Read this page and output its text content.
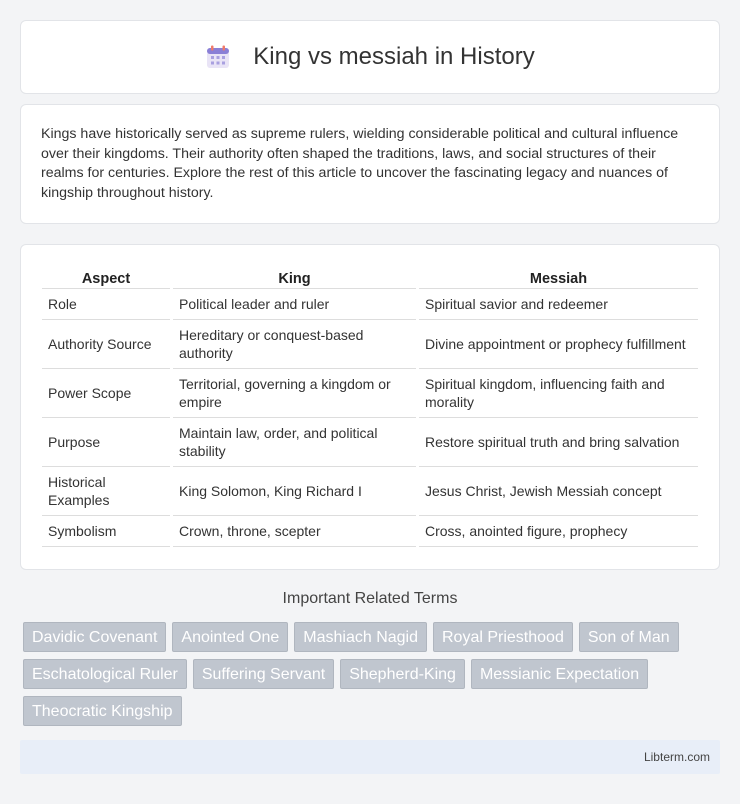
King vs messiah in History

Kings have historically served as supreme rulers, wielding considerable political and cultural influence over their kingdoms. Their authority often shaped the traditions, laws, and social structures of their realms for centuries. Explore the rest of this article to uncover the fascinating legacy and nuances of kingship throughout history.

Aspect	King	Messiah
Role	Political leader and ruler	Spiritual savior and redeemer
Authority Source	Hereditary or conquest-based authority	Divine appointment or prophecy fulfillment
Power Scope	Territorial, governing a kingdom or empire	Spiritual kingdom, influencing faith and morality
Purpose	Maintain law, order, and political stability	Restore spiritual truth and bring salvation
Historical Examples	King Solomon, King Richard I	Jesus Christ, Jewish Messiah concept
Symbolism	Crown, throne, scepter	Cross, anointed figure, prophecy
Important Related Terms
Davidic Covenant	Anointed One	Mashiach Nagid	Royal Priesthood	Son of Man
Eschatological Ruler	Suffering Servant	Shepherd-King	Messianic Expectation
Theocratic Kingship
Libterm.com
